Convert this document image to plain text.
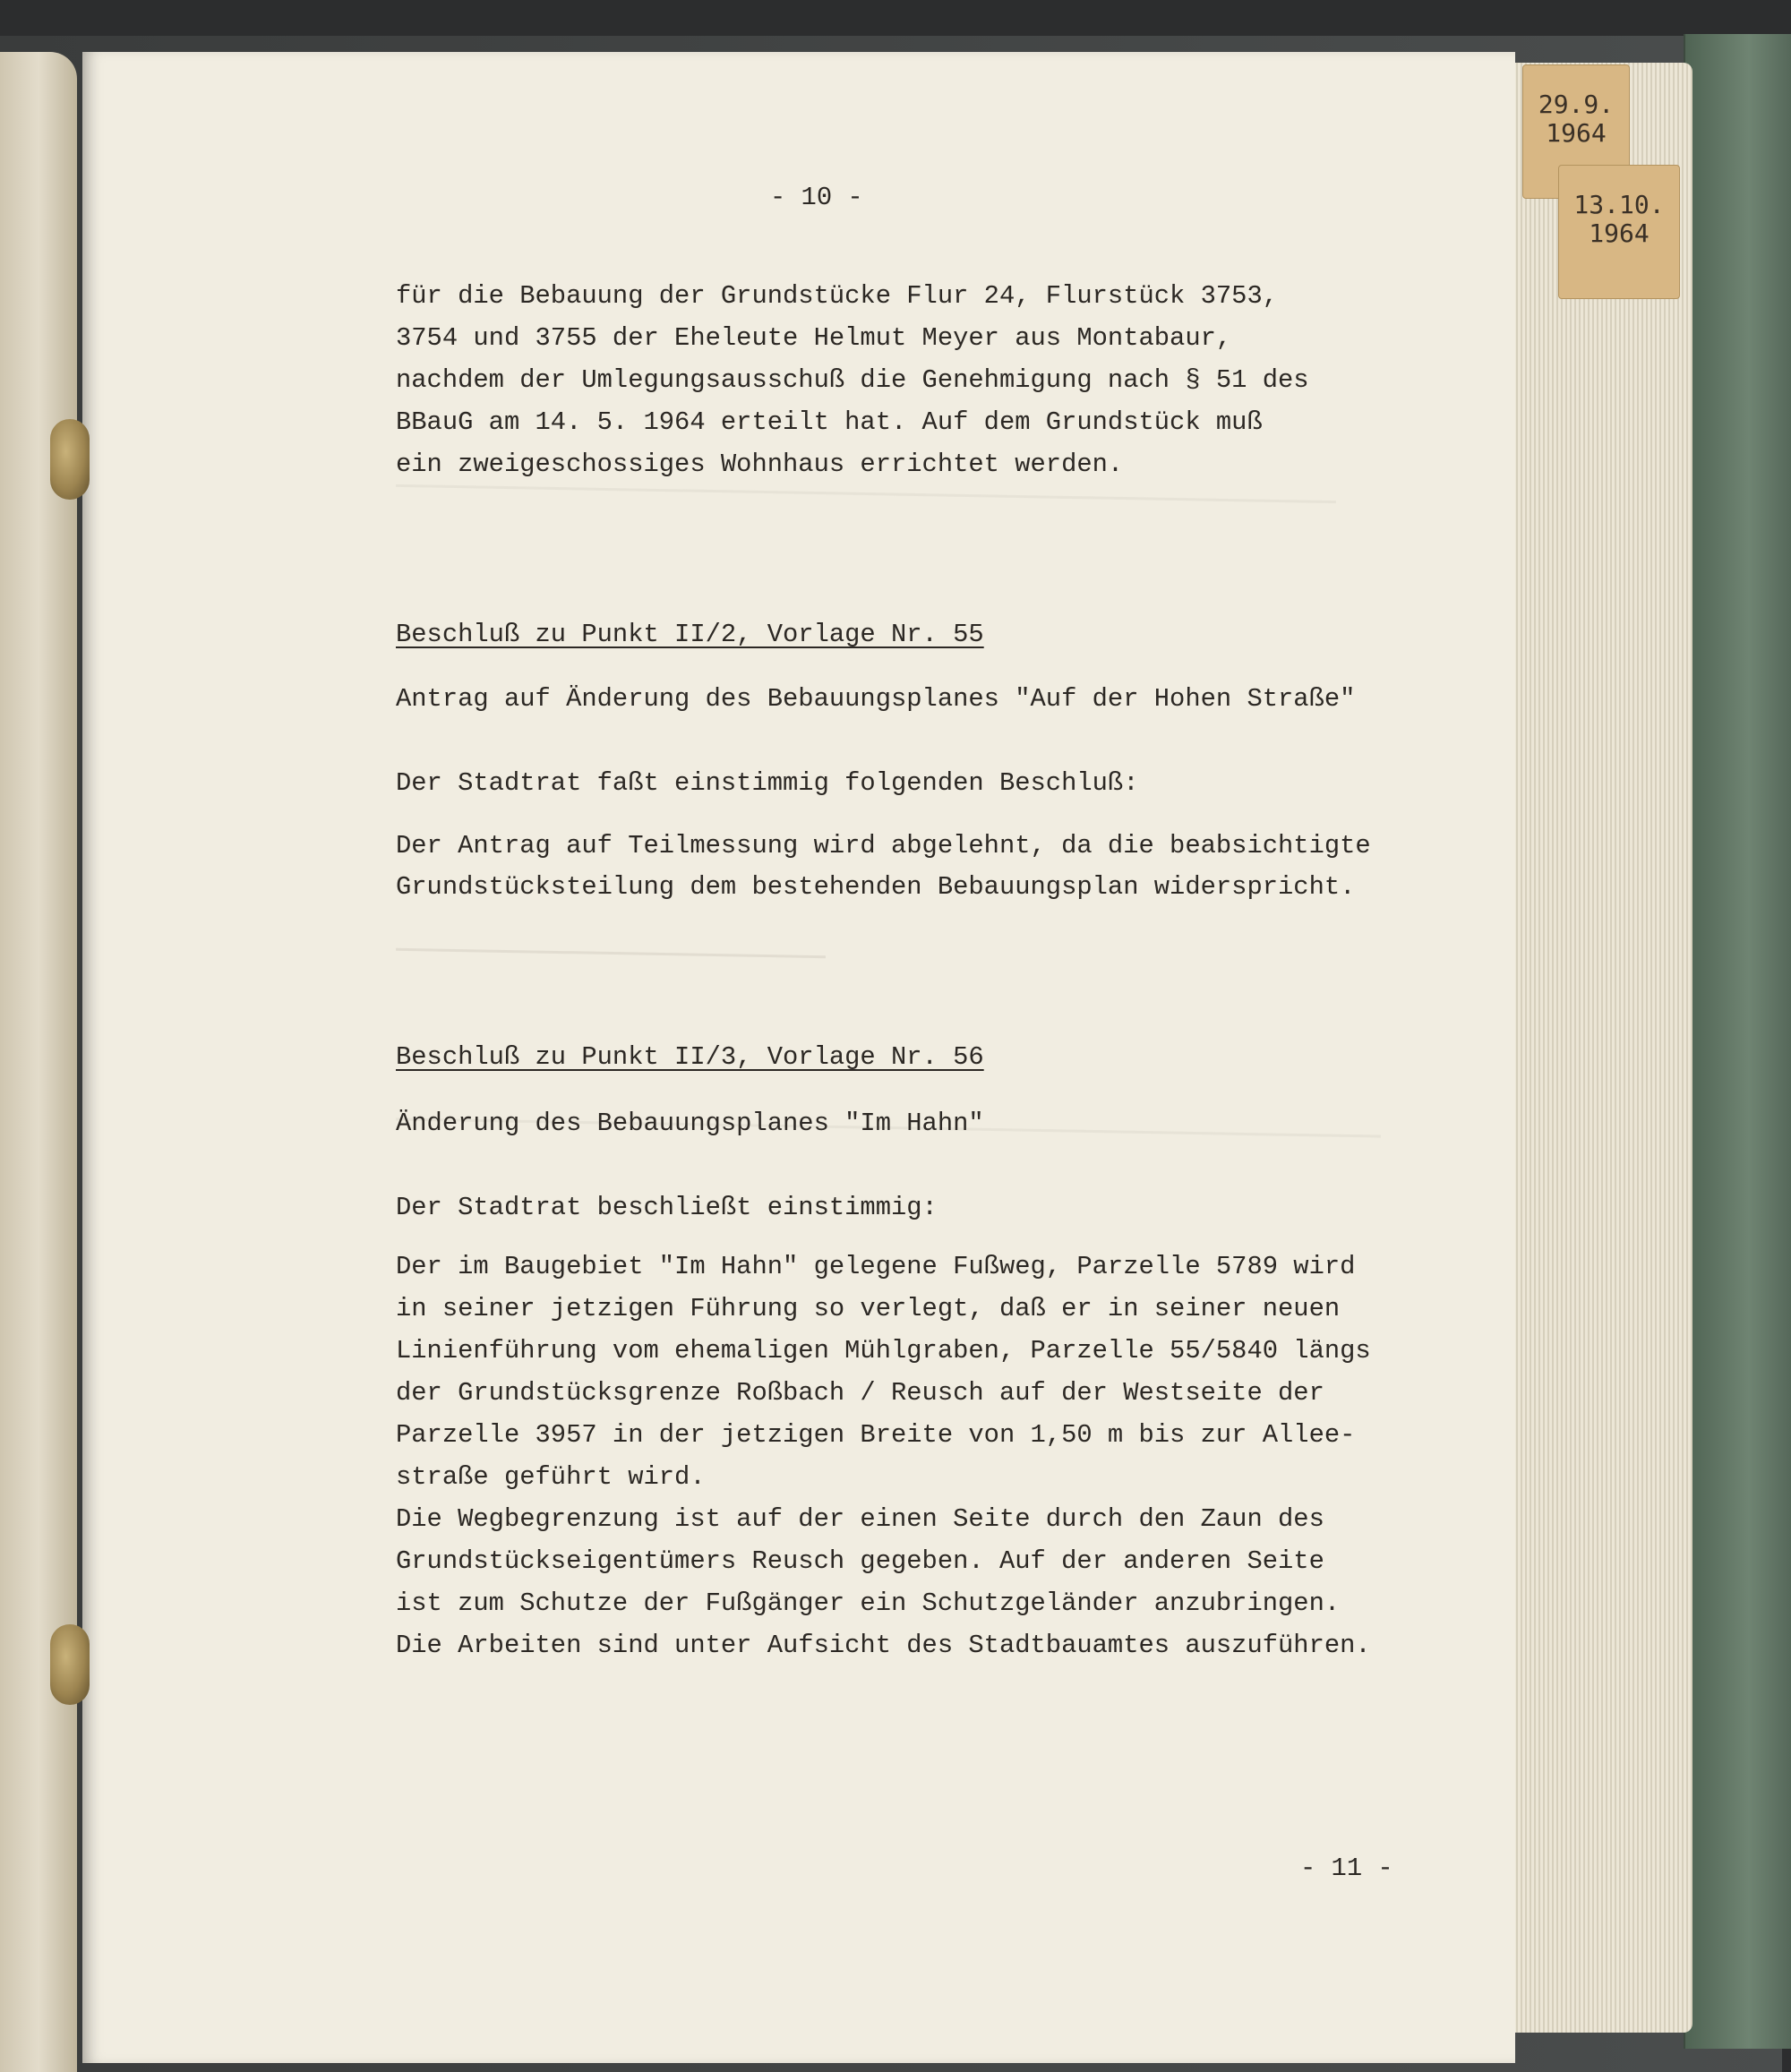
- 10 -
für die Bebauung der Grundstücke Flur 24, Flurstück 3753,
3754 und 3755 der Eheleute Helmut Meyer aus Montabaur,
nachdem der Umlegungsausschuß die Genehmigung nach § 51 des
BBauG am 14. 5. 1964 erteilt hat. Auf dem Grundstück muß
ein zweigeschossiges Wohnhaus errichtet werden.
Beschluß zu Punkt II/2, Vorlage Nr. 55
Antrag auf Änderung des Bebauungsplanes "Auf der Hohen Straße"
Der Stadtrat faßt einstimmig folgenden Beschluß:
Der Antrag auf Teilmessung wird abgelehnt, da die beabsichtigte
Grundstücksteilung dem bestehenden Bebauungsplan widerspricht.
Beschluß zu Punkt II/3, Vorlage Nr. 56
Änderung des Bebauungsplanes "Im Hahn"
Der Stadtrat beschließt einstimmig:
Der im Baugebiet "Im Hahn" gelegene Fußweg, Parzelle 5789 wird
in seiner jetzigen Führung so verlegt, daß er in seiner neuen
Linienführung vom ehemaligen Mühlgraben, Parzelle 55/5840 längs
der Grundstücksgrenze Roßbach / Reusch auf der Westseite der
Parzelle 3957 in der jetzigen Breite von 1,50 m bis zur Allee-
straße geführt wird.
Die Wegbegrenzung ist auf der einen Seite durch den Zaun des
Grundstückseigentümers Reusch gegeben. Auf der anderen Seite
ist zum Schutze der Fußgänger ein Schutzgeländer anzubringen.
Die Arbeiten sind unter Aufsicht des Stadtbauamtes auszuführen.
- 11 -
29.9.
1964
13.10.
1964
